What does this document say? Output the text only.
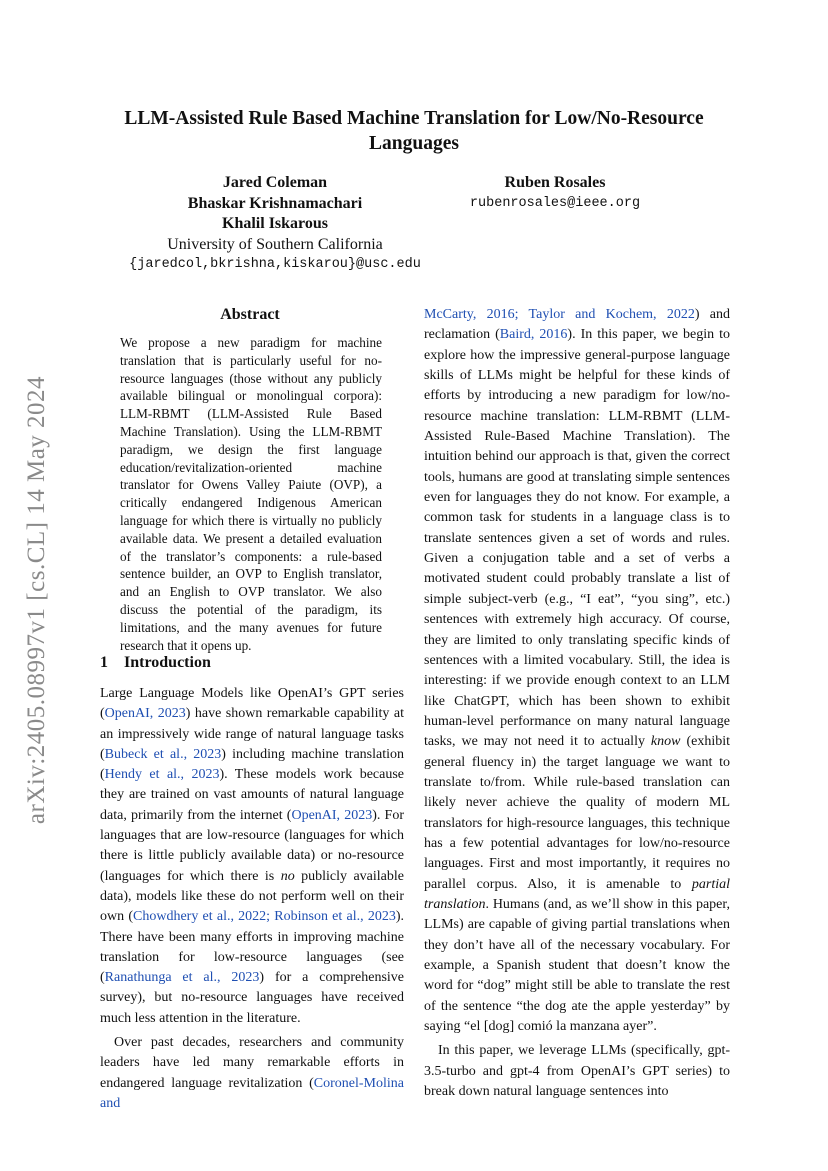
arXiv:2405.08997v1 [cs.CL] 14 May 2024
LLM-Assisted Rule Based Machine Translation for Low/No-Resource Languages
Jared Coleman
Bhaskar Krishnamachari
Khalil Iskarous
University of Southern California
{jaredcol,bkrishna,kiskarou}@usc.edu
Ruben Rosales
rubenrosales@ieee.org
Abstract

We propose a new paradigm for machine translation that is particularly useful for no-resource languages (those without any publicly available bilingual or monolingual corpora): LLM-RBMT (LLM-Assisted Rule Based Machine Translation). Using the LLM-RBMT paradigm, we design the first language education/revitalization-oriented machine translator for Owens Valley Paiute (OVP), a critically endangered Indigenous American language for which there is virtually no publicly available data. We present a detailed evaluation of the translator’s components: a rule-based sentence builder, an OVP to English translator, and an English to OVP translator. We also discuss the potential of the paradigm, its limitations, and the many avenues for future research that it opens up.

1 Introduction

Large Language Models like OpenAI’s GPT series (OpenAI, 2023) have shown remarkable capability at an impressively wide range of natural language tasks (Bubeck et al., 2023) including machine translation (Hendy et al., 2023). These models work because they are trained on vast amounts of natural language data, primarily from the internet (OpenAI, 2023). For languages that are low-resource (languages for which there is little publicly available data) or no-resource (languages for which there is no publicly available data), models like these do not perform well on their own (Chowdhery et al., 2022; Robinson et al., 2023). There have been many efforts in improving machine translation for low-resource languages (see (Ranathunga et al., 2023) for a comprehensive survey), but no-resource languages have received much less attention in the literature.

Over past decades, researchers and community leaders have led many remarkable efforts in endangered language revitalization (Coronel-Molina and

McCarty, 2016; Taylor and Kochem, 2022) and reclamation (Baird, 2016). In this paper, we begin to explore how the impressive general-purpose language skills of LLMs might be helpful for these kinds of efforts by introducing a new paradigm for low/no-resource machine translation: LLM-RBMT (LLM-Assisted Rule-Based Machine Translation). The intuition behind our approach is that, given the correct tools, humans are good at translating simple sentences even for languages they do not know. For example, a common task for students in a language class is to translate sentences given a set of words and rules. Given a conjugation table and a set of verbs a motivated student could probably translate a list of simple subject-verb (e.g., “I eat”, “you sing”, etc.) sentences with extremely high accuracy. Of course, they are limited to only translating specific kinds of sentences with a limited vocabulary. Still, the idea is interesting: if we provide enough context to an LLM like ChatGPT, which has been shown to exhibit human-level performance on many natural language tasks, we may not need it to actually know (exhibit general fluency in) the target language we want to translate to/from. While rule-based translation can likely never achieve the quality of modern ML translators for high-resource languages, this technique has a few potential advantages for low/no-resource languages. First and most importantly, it requires no parallel corpus. Also, it is amenable to partial translation. Humans (and, as we’ll show in this paper, LLMs) are capable of giving partial translations when they don’t have all of the necessary vocabulary. For example, a Spanish student that doesn’t know the word for “dog” might still be able to translate the rest of the sentence “the dog ate the apple yesterday” by saying “el [dog] comió la manzana ayer”.

In this paper, we leverage LLMs (specifically, gpt-3.5-turbo and gpt-4 from OpenAI’s GPT series) to break down natural language sentences into
